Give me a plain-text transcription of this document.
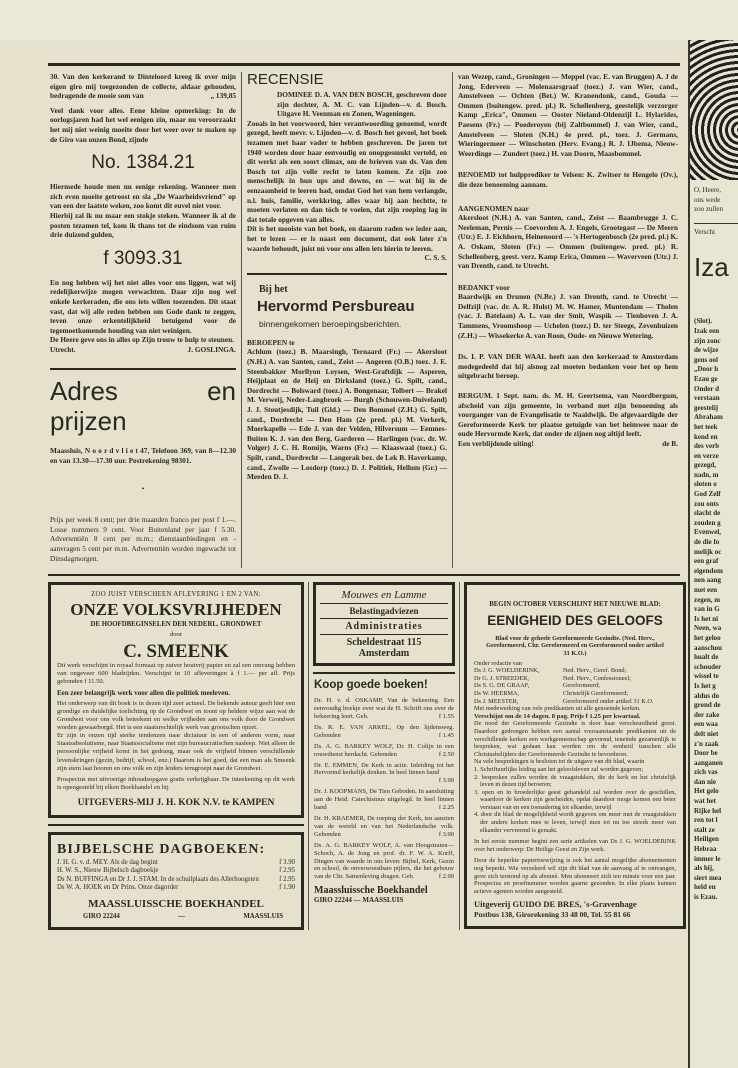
30. Van den kerkerand te Dinteloord kreeg ik over mijn eigen giro mij toegezonden de collecte, aldaar gehouden, bedragende de mooie som van	„ 139,85

Veel dank voor alles. Eene kleine opmerking: In de oorlogsjaren had het wel eenigen zin, maar nu veroorzaakt het mij niet weinig moeite door het weer over te maken op de Giro van onzen Bond, zijnde

No. 1384.21

Hiermede houde men nu eenige rekening. Wanneer men zich even moeite getroost en sla „De Waarheidsvriend" op van een der laatste weken, zoo komt dit euvel niet voor.

Hierbij zal ik nu maar een stokje steken. Wanneer ik al de posten tezamen tel, kom ik thans tot de eindsom van ruim drie duizend gulden,

f 3093.31

En nog hebben wij het niet alles voor ons liggen, wat wij redelijkerwijze mogen verwachten. Daar zijn nog wel enkele kerkeraden, die ons iets willen toezenden. Dit staat vast, dat wij alle reden hebben om Gode dank te zeggen, teven onze erkentelijkheid betuigend voor de tegemoetkomende houding van niet weinigen.

De Heere geve ons in alles op Zijn trouw te hulp te steunen.

Utrecht.	J. GOSLINGA.
Adres en prijzen

Maassluis, N o o r d v l i e t 47, Telefoon 369, van 8—12.30 en van 13.30—17.30 uur. Postrekening 98301.

•

Prijs per week 8 cent; per drie maanden franco per post f 1.—. Losse nummers 9 cent. Voor Buitenland per jaar f 5.30. Advertentiën 8 cent per m.m.; dienstaanbiedingen en -aanvragen 5 cent per m.m. Advertentiën worden ingewacht tot Dinsdagmorgen.

RECENSIE

DOMINEE D. A. VAN DEN BOSCH, geschreven door zijn dochter, A. M. C. van Lijnden—v. d. Bosch. Uitgave H. Veenman en Zonen, Wageningen.

Zooals in het voorwoord, hier verantwoording genoemd, wordt gezegd, heeft mevr. v. Lijnden—v. d. Bosch het gevoel, het boek tezamen met haar vader te hebben geschreven. De jaren tot 1940 worden door haar eenvoudig en onopgesmukt verteld, en dit werkt als een soort climax, om de brieven van ds. Van den Bosch tot zijn volle recht te laten komen. Ze zijn zoo menschelijk in hun ups and downs, en — wat hij in de eenzaamheid te leeren had, omdat God het van hem verlangde, n.l. huis, familie, werkkring, alles waar hij aan hechtte, te moeten verlaten en dan tóch te voelen, dat zijn roeping lag in dat totale opgeven van alles.

Dit is het mooiste van het boek, en daarom raden we ieder aan, het te lezen — er is naast een document, dat ook later z'n waarde behoudt, juist nú voor ons allen iets hierin te leeren.

C. S. S.
Bij het
Hervormd Persbureau
binnengekomen beroepingsberichten.
BEROEPEN te

Achlum (toez.) B. Maarsingh, Ternaard (Fr.) — Akersloot (N.H.) A. van Santen, cand., Zeist — Angeren (O.B.) toez. J. E. Steenbakker Morllyon Loysen, West-Graftdijk — Asperen, Heijplaat en de Heij en Dirksland (toez.) G. Spilt, cand., Dordrecht — Bolsward (toez.) A. Bongenaar, Tolbert — Brakel M. Verweij, Neder-Langbroek — Burgh (Schouwen-Duiveland) J. J. Stoutjesdijk, Tuil (Gld.) — Den Bommel (Z.H.) G. Spilt, cand., Dordrecht — Den Ham (2e pred. pl.) M. Verkerk, Moerkapelle — Ede J. van der Velden, Hilversum — Eemnes-Buiten K. J. van den Berg, Garderen — Harlingen (vac. dr. W. Volger) J. C. H. Romijn, Warns (Fr.) — Klaaswaal (toez.) G. Spilt, cand., Dordrecht — Langerak bez. de Lek B. Haverkamp, cand., Zwolle — Losdorp (toez.) D. J. Politiek, Hellum (Gr.) — Meeden D. J.

van Wezep, cand., Groningen — Meppel (vac. E. van Bruggen) A. J de Jong, Ederveen — Molenaarsgraaf (toez.) J. van Wier, cand., Amstelveen — Ochten (Bet.) W. Kranendonk, cand., Gouda — Ommen (buitengew. pred. pl.) R. Schellenberg, geestelijk verzorger Kamp „Erica", Ommen — Ooster Nieland-Oldenzijl L. Hylarides, Paesens (Fr.) — Poederoyen (bij Zaltbommel) J. van Wier, cand., Amstelveen — Sloten (N.H.) 4e pred. pl., toez. J. Germans, Wieringermeer — Winschoten (Herv. Evang.) R. J. IJbema, Nieuw-Weerdinge — Zundert (toez.) H. van Doorn, Maasbommel.

BENOEMD tot hulpprediker te Velsen: K. Zwitser te Hengelo (Ov.), die deze benoeming aannam.

AANGENOMEN naar

Akersloot (N.H.) A. van Santen, cand., Zeist — Baambrugge J. C. Neeleman, Pernis — Coevorden A. J. Engels, Grootegast — De Meern (Utr.) E. J. Eichhorn, Heinenoord — 's Hertogenbosch (2e pred. pl.) K. A. Oskam, Sloten (Fr.) — Ommen (buitengew. pred. pl.) R. Schellenberg, geest. verz. Kamp Erica, Ommen — Waverveen (Utr.) J. van Drenth, cand. te Utrecht.

BEDANKT voor

Baardwijk en Drunen (N.Br.) J. van Drenth, cand. te Utrecht — Delfzijl (vac. dr. A. R. Hulst) M. W. Hamer, Muntendam — Tholen (vac. J. Batelaan) A. L. van der Smit, Waspik — Tienhoven J. A. Tammens, Vroomshoop — Uchelen (toez.) D. ter Steege, Zevenhuizen (Z.H.) — Wissekerke A. van Roon, Oude- en Nieuwe Wetering.

Ds. I. P. VAN DER WAAL heeft aan den kerkeraad te Amsterdam medegedeeld dat hij alsnog zal moeten bedanken voor het op hem uitgebracht beroep.

BERGUM. 1 Sept. nam. ds. M. H. Geertsema, van Noordbergum, afscheid van zijn gemeente, in verband met zijn benoeming als voorganger van de Evangelisatie te Naaldwijk. De afgevaardigde der Gereformeerde Kerk ter plaatse getuigde van het heimwee naar de oude Hervormde Kerk, dat onder de zijnen nog altijd leeft.

Een verblijdende uiting!	de B.
ZOO JUIST VERSCHEEN AFLEVERING 1 EN 2 VAN:
ONZE VOLKSVRIJHEDEN
DE HOOFDBEGINSELEN DER NEDERL. GRONDWET
door
C. SMEENK

Dit werk verschijnt in royaal formaat op zuiver houtvrij papier en zal een omvang hebben van ongeveer 600 bladzijden. Verschijnt in 10 afleveringen à f 1.— per afl. Prijs gebonden f 11.50.

Een zeer belangrijk werk voor allen die politiek meeleven.

Het onderwerp van dit boek is in dezen tijd zeer actueel. De bekende auteur geeft hier een grondige en duidelijke toelichting op de Grondwet en toont op heldere wijze aan wat de Grondwet voor ons volk beteekent en welke vrijheden aan ons volk door de Grondwet worden gewaarborgd. Het is een staatsrechtelijk werk van grootschen opzet.

Er zijn in onzen tijd sterke tendenzen naar dictatuur in een of anderen vorm, naar Staatsabsolutisme, naar Staatssocialisme met zijn bureaucratischen nasleep. Niet alleen de persoonlijke vrijheid komt in het gedrang, maar ook de vrijheid binnen verschillende levenskringen (gezin, bedrijf, school, enz.) Daarom is het goed, dat een man als Smeenk zijn stem laat hooren en ons volk en zijn leiders terugroept naar de Grondwet.

Prospectus met uitvoerige inhoudsopgave gratis verkrijgbaar. De inteekening op dit werk is opengesteld bij elken Boekhandel en bij

UITGEVERS-MIJ J. H. KOK N.V. te KAMPEN
BIJBELSCHE DAGBOEKEN:
J. H. G. v. d. MEY. Als de dag begint	f 3.90
H. W. S., Nieuw Bijbelsch dagboekje	f 2.95
Ds N. BUFFINGA en Dr J. J. STAM. In de schuilplaats des Allerhoogsten	f 2.95
Ds W. A. HOEK en Dr Prins. Onze dagorder	f 1.90
MAASSLUISSCHE BOEKHANDEL
GIRO 22244	—	MAASSLUIS
Mouwes en Lamme
Belastingadviezen
Administraties
Scheldestraat 115
Amsterdam
Koop goede boeken!
Dr. H. v. d. OSKAMP, Van de bekeering. Een eenvoudig boekje over wat de H. Schrift ons over de bekeering leert. Geb.	f 1.55
Ds. R. E. VAN ARKEL, Op den lijdensweg. Gebonden	f 1.45
Ds. A. G. BARKEY WOLF, Dr. H. Colijn in een rouwdienst herdacht. Gebonden	f 2.50
Dr. E. EMMEN, De Kerk in actie. Inleiding tot het Hervormd kerkelijk denken. In heel linnen band
f 3.90
Dr. J. KOOPMANS, De Tien Geboden. In aansluiting aan de Heid. Catechismus uitgelegd. In heel linnen band	f 2.25
Dr. H. KRAEMER, De roeping der Kerk, ten aanzien van de wereld en van het Nederlandsche volk. Gebonden	f 3.90
Ds. A. G. BARKEY WOLF, A. van Hoogstraten—Schoch, A. de Jong en prof. dr. F. W. A. Korff, Dingen van waarde in ons leven: Bijbel, Kerk, Gezin en school, de onverwoestbare pijlers, die het gebouw van de Chr. Samenleving dragen. Geb.	f 2.90
Maassluissche Boekhandel
GIRO 22244 — MAASSLUIS
BEGIN OCTOBER VERSCHIJNT HET NIEUWE BLAD:
EENIGHEID DES GELOOFS
Blad voor de geheele Gereformeerde Gezindte. (Ned. Herv., Gereformeerd, Chr. Gereformeerd en Gereformeerd onder artikel 31 K.O.)
Onder redactie van
Ds J. G. WOELDERINK,	Ned. Herv., Geref. Bond;
Dr G. J. STREEDER,	Ned. Herv., Confessioneel;
Ds S. G. DE GRAAF,	Gereformeerd;
Ds W. HEERMA,	Christelijk Gereformeerd;
Ds J. MEESTER,	Gereformeerd onder artikel 31 K.O.
Met medewerking van vele predikanten uit alle genoemde kerken.
Verschijnt om de 14 dagen. 8 pag. Prijs f 1.25 per kwartaal.
De nood der Gereformeerde Gezindte is door haar verscheurdheid groot. Daardoor gedrongen hebben een aantal vooraanstaande predikanten uit de verschillende kerken een werkgemeenschap gevormd, teneinde gezamenlijk te bespreken, wat gedaan kan worden om de eenheid tusschen alle Christusbelijders der Gereformeerde Gezindte te bevorderen.
Na vele besprekingen is besloten tot de uitgave van dit blad, waarin
1. Schriftuurlijke leiding aan het geloofsleven zal worden gegeven;
2. besproken zullen worden de vraagstukken, die de kerk en het christelijk leven in dezen tijd beroeren;
3. open en in broederlijke geest gehandeld zal worden over de geschillen, waardoor de kerken zijn gescheiden, opdat daardoor moge komen een beter verstaan van en een toenadering tot elkander, terwijl
4. door dit blad de mogelijkheid wordt gegeven om meer met de vraagstukken der andere kerken mee te leven, terwijl men tot nu toe steeds meer van elkander vervreemd is geraakt.
In het eerste nummer begint een serie artikelen van Ds J. G. WOELDERINK over het onderwerp: De Heilige Geest en Zijn werk.
Door de beperkte papiertoewijzing is ook het aantal mogelijke abonnementen nog beperkt. Wie verzekerd wil zijn dit blad van de aanvang af te ontvangen, geve zich terstond op als abonné. Men abonneert zich ten minste voor een jaar. Prospectus en proefnummer worden gaarne gezonden. In elke plaats kunnen actieve agenten worden aangesteld.
Uitgeverij GUIDO DE BRES, 's-Gravenhage
Postbus 138, Girorekening 33 48 00, Tel. 55 81 66
O, Heere,
ons wede
zoo zullen
Verschi
Iza
(Slot).
Izak een
zijn zonc
de wijze
gens ool
„Door h
Ezau ge
Onder d
verstaan
geestelij
Abraham
het teek
kend en
des verb
en verze
gezegd,
nadn, m
sloten o
God Zelf
zou onts
slacht de
zouden g
Evenwel,
de die fo
melijk oc
een graf
eigendom
nen aang
met een
zegen, m
van in G
Is het ni
Neen, wa
het geloo
aanschou
hualt de
schouder
wissel te
Is het g
aldus do
grond de
der zake
een waa
delt niet
z'n zaak
Door be
aanganen
zich vas
dan nie
Het gelo
wat het
Rijke hel
ren tot l
stalt ze
Heiligen
Hebraa
immer le
als hij,
siert mea
held en
is Ezau.
